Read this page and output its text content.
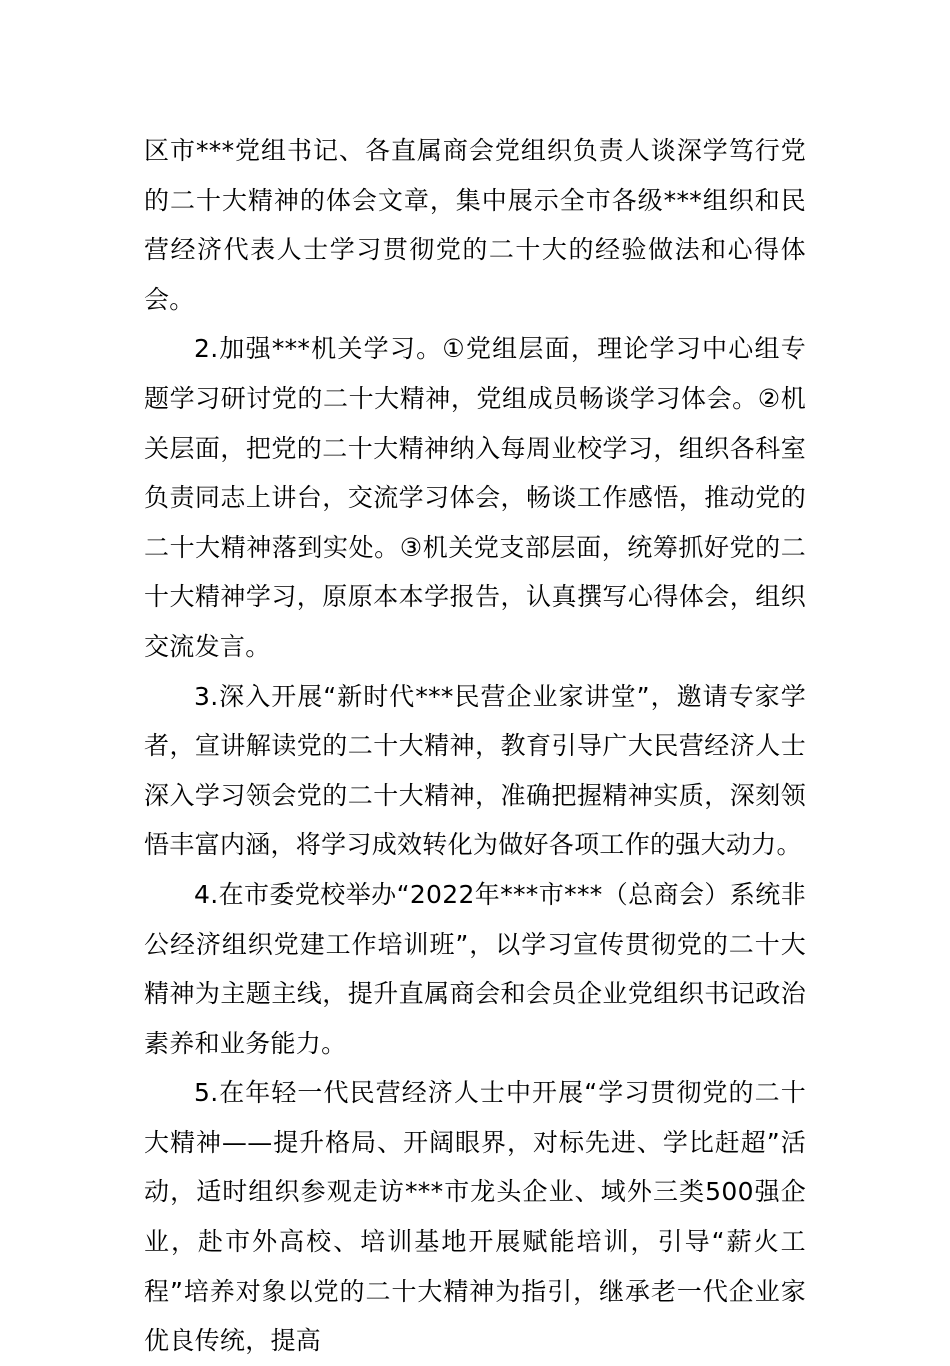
区市***党组书记、各直属商会党组织负责人谈深学笃行党的二十大精神的体会文章，集中展示全市各级***组织和民营经济代表人士学习贯彻党的二十大的经验做法和心得体会。

2.加强***机关学习。①党组层面，理论学习中心组专题学习研讨党的二十大精神，党组成员畅谈学习体会。②机关层面，把党的二十大精神纳入每周业校学习，组织各科室负责同志上讲台，交流学习体会，畅谈工作感悟，推动党的二十大精神落到实处。③机关党支部层面，统筹抓好党的二十大精神学习，原原本本学报告，认真撰写心得体会，组织交流发言。

3.深入开展“新时代***民营企业家讲堂”，邀请专家学者，宣讲解读党的二十大精神，教育引导广大民营经济人士深入学习领会党的二十大精神，准确把握精神实质，深刻领悟丰富内涵，将学习成效转化为做好各项工作的强大动力。

4.在市委党校举办“2022年***市***（总商会）系统非公经济组织党建工作培训班”，以学习宣传贯彻党的二十大精神为主题主线，提升直属商会和会员企业党组织书记政治素养和业务能力。

5.在年轻一代民营经济人士中开展“学习贯彻党的二十大精神——提升格局、开阔眼界，对标先进、学比赶超”活动，适时组织参观走访***市龙头企业、域外三类500强企业，赴市外高校、培训基地开展赋能培训，引导“薪火工程”培养对象以党的二十大精神为指引，继承老一代企业家优良传统，提高
